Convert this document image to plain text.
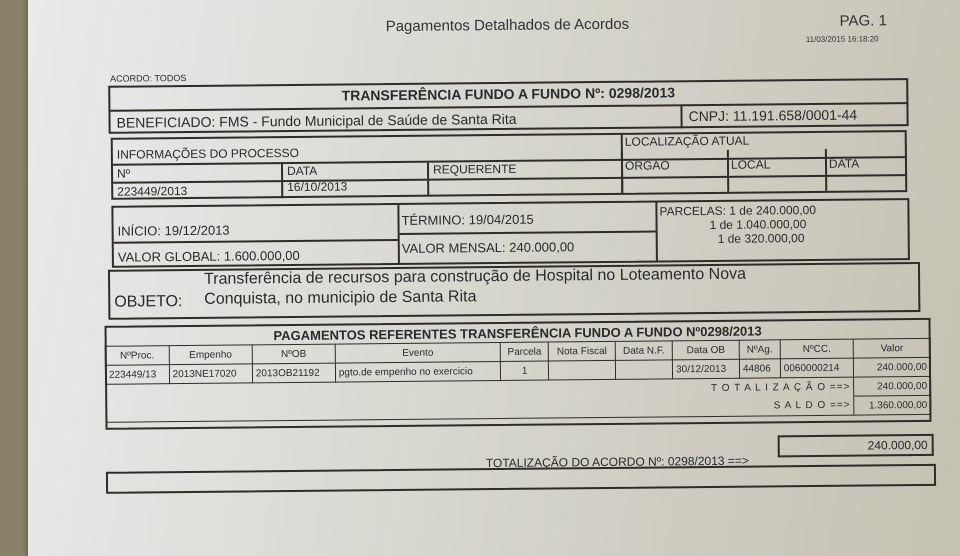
Pagamentos Detalhados de Acordos	PAG. 1
11/03/2015 16:18:20
ACORDO: TODOS
TRANSFERÊNCIA FUNDO A FUNDO Nº: 0298/2013
BENEFICIADO: FMS - Fundo Municipal de Saúde de Santa Rita	CNPJ: 11.191.658/0001-44
INFORMAÇÕES DO PROCESSO
LOCALIZAÇÃO ATUAL
Nº	DATA	REQUERENTE	ÓRGÃO	LOCAL	DATA
223449/2013	16/10/2013
INÍCIO: 19/12/2013
VALOR GLOBAL: 1.600.000,00
TÉRMINO: 19/04/2015
VALOR MENSAL: 240.000,00
PARCELAS: 1 de 240.000,00
1 de 1.040.000,00
1 de 320.000,00
OBJETO:
Transferência de recursos para construção de Hospital no Loteamento Nova
Conquista, no municipio de Santa Rita
PAGAMENTOS REFERENTES TRANSFERÊNCIA FUNDO A FUNDO Nº0298/2013
NºProc.	Empenho	NºOB	Evento	Parcela	Nota Fiscal	Data N.F.	Data OB	NºAg.	NºCC.	Valor
223449/13	2013NE17020	2013OB21192	pgto.de empenho no exercicio	1			30/12/2013	44806	0060000214	240.000,00
T O T A L I Z A Ç Ã O ==>										240.000,00
S A L D O ==>										1.360.000,00
TOTALIZAÇÃO DO ACORDO Nº: 0298/2013 ==>
240.000,00
